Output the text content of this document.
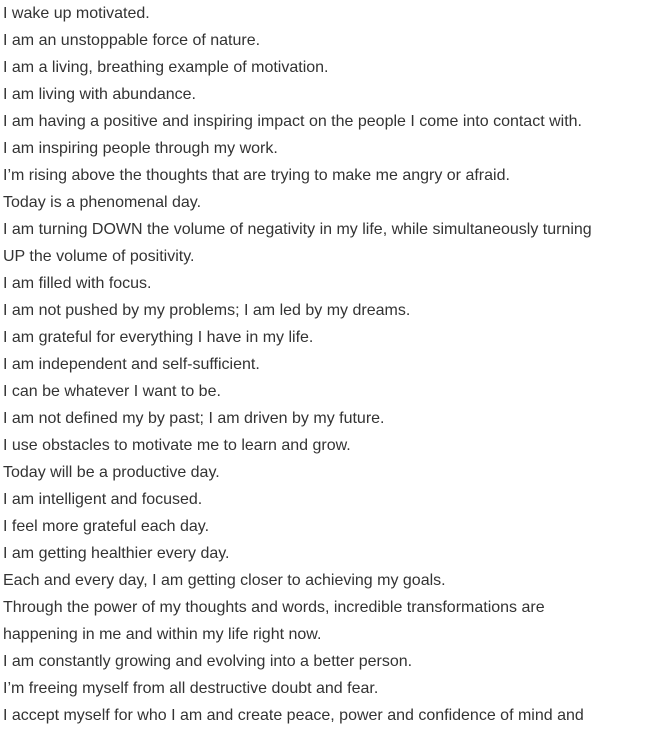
I wake up motivated.
I am an unstoppable force of nature.
I am a living, breathing example of motivation.
I am living with abundance.
I am having a positive and inspiring impact on the people I come into contact with.
I am inspiring people through my work.
I’m rising above the thoughts that are trying to make me angry or afraid.
Today is a phenomenal day.
I am turning DOWN the volume of negativity in my life, while simultaneously turning
UP the volume of positivity.
I am filled with focus.
I am not pushed by my problems; I am led by my dreams.
I am grateful for everything I have in my life.
I am independent and self-sufficient.
I can be whatever I want to be.
I am not defined my by past; I am driven by my future.
I use obstacles to motivate me to learn and grow.
Today will be a productive day.
I am intelligent and focused.
I feel more grateful each day.
I am getting healthier every day.
Each and every day, I am getting closer to achieving my goals.
Through the power of my thoughts and words, incredible transformations are
happening in me and within my life right now.
I am constantly growing and evolving into a better person.
I’m freeing myself from all destructive doubt and fear.
I accept myself for who I am and create peace, power and confidence of mind and
